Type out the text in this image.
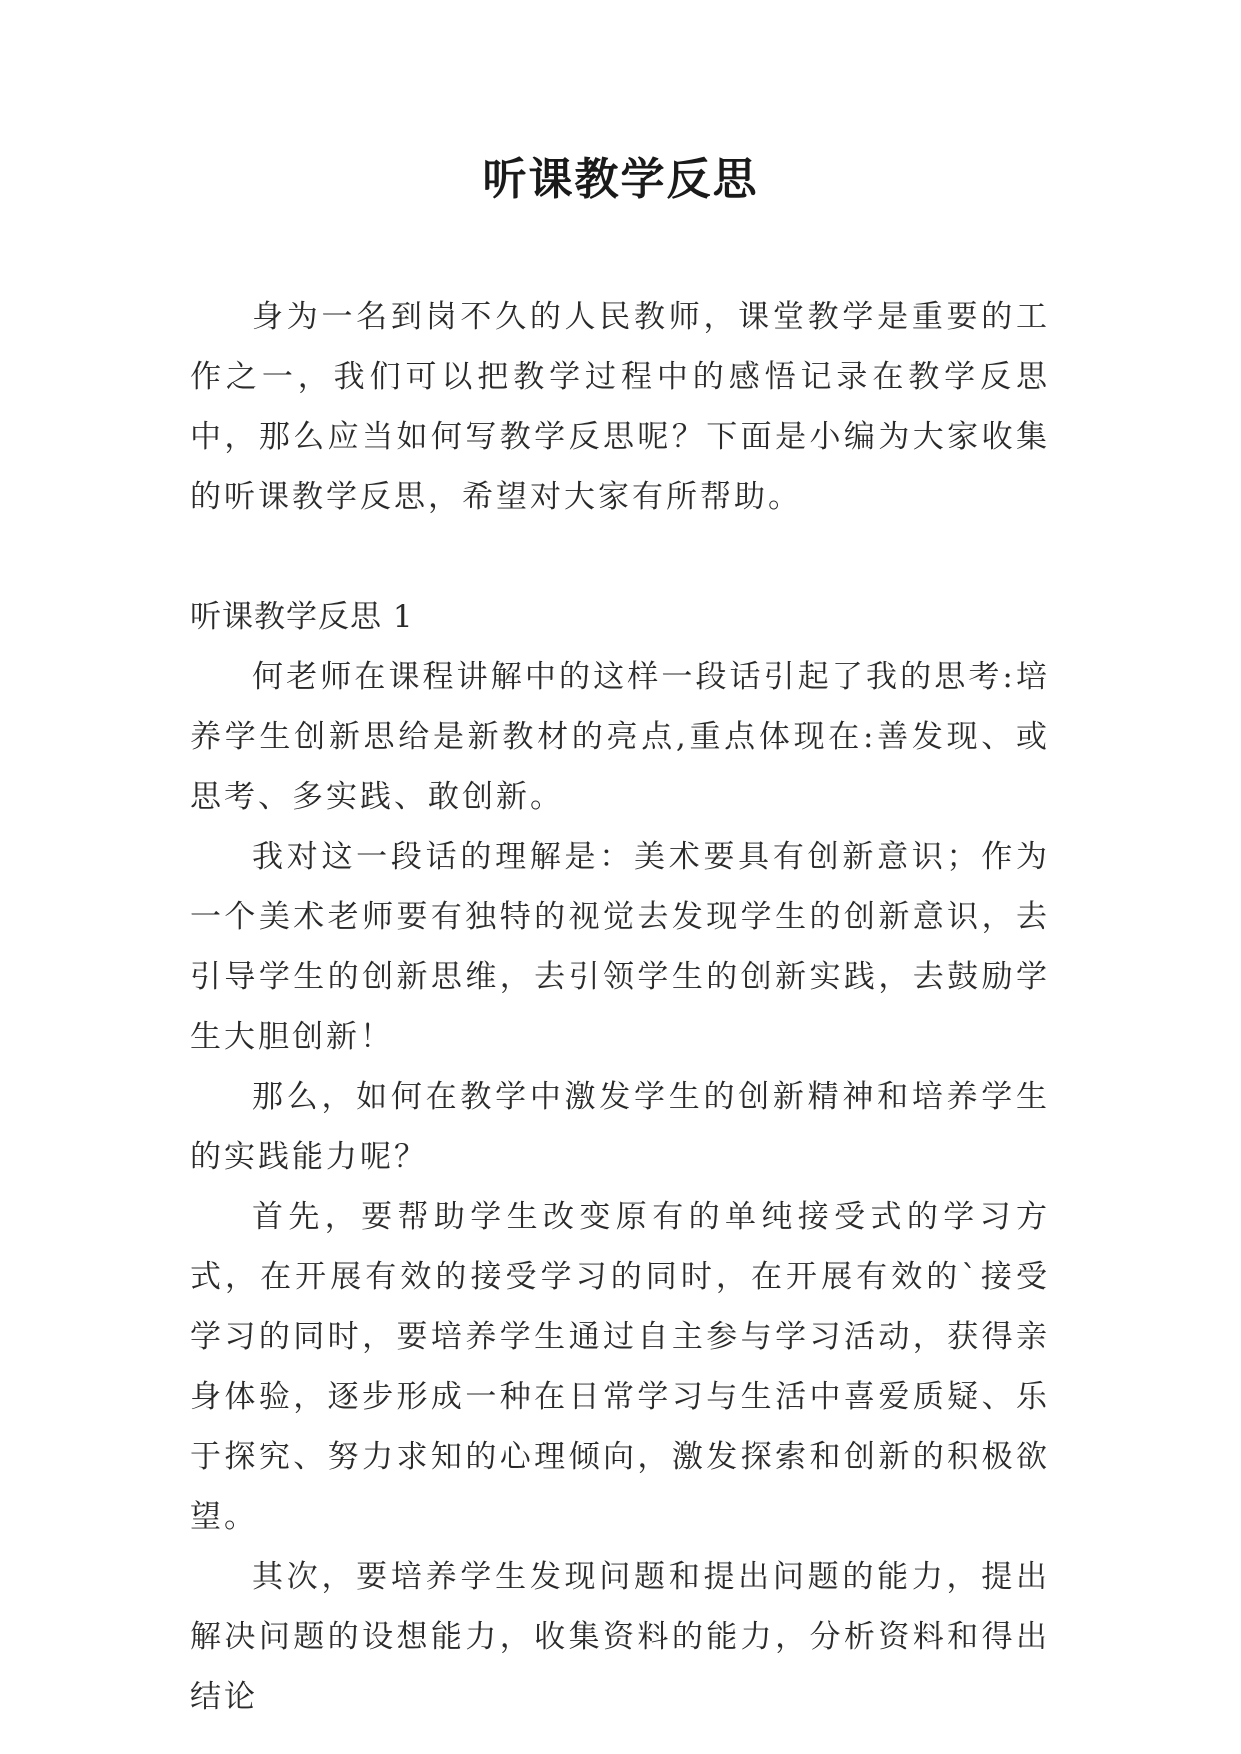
听课教学反思

身为一名到岗不久的人民教师，课堂教学是重要的工作之一，我们可以把教学过程中的感悟记录在教学反思中，那么应当如何写教学反思呢？下面是小编为大家收集的听课教学反思，希望对大家有所帮助。

听课教学反思 1

何老师在课程讲解中的这样一段话引起了我的思考:培养学生创新思给是新教材的亮点,重点体现在:善发现、或思考、多实践、敢创新。

我对这一段话的理解是：美术要具有创新意识；作为一个美术老师要有独特的视觉去发现学生的创新意识，去引导学生的创新思维，去引领学生的创新实践，去鼓励学生大胆创新！

那么，如何在教学中激发学生的创新精神和培养学生的实践能力呢？

首先，要帮助学生改变原有的单纯接受式的学习方式，在开展有效的接受学习的同时，在开展有效的`接受学习的同时，要培养学生通过自主参与学习活动，获得亲身体验，逐步形成一种在日常学习与生活中喜爱质疑、乐于探究、努力求知的心理倾向，激发探索和创新的积极欲望。

其次，要培养学生发现问题和提出问题的能力，提出解决问题的设想能力，收集资料的能力，分析资料和得出结论
